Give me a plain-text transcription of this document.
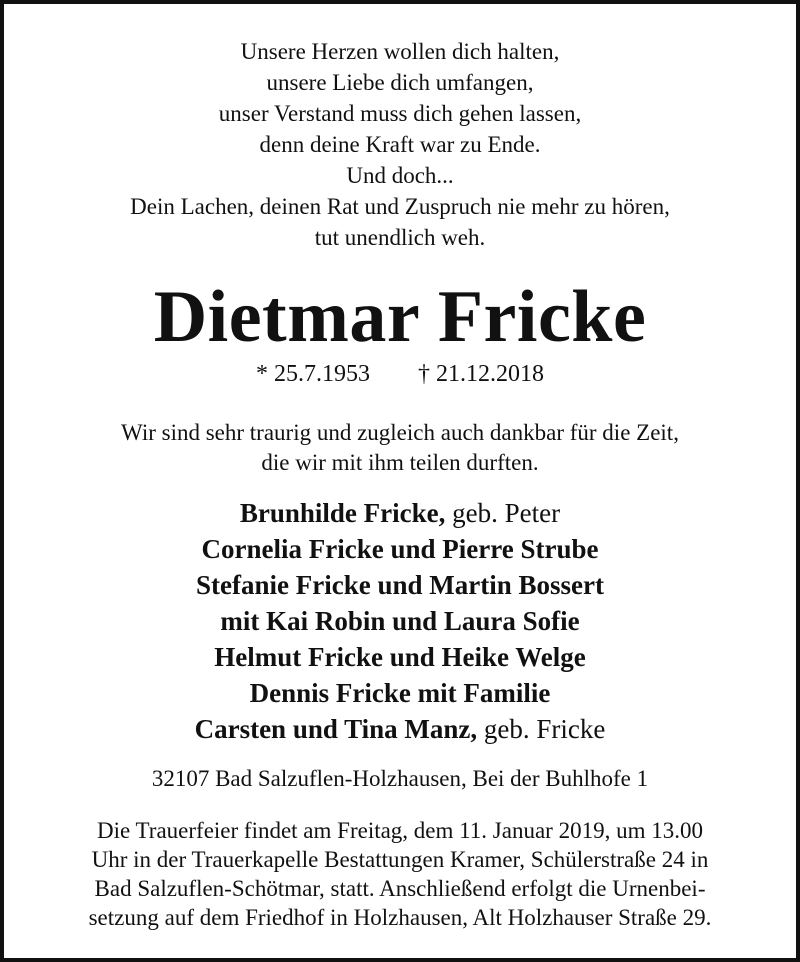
Unsere Herzen wollen dich halten,
unsere Liebe dich umfangen,
unser Verstand muss dich gehen lassen,
denn deine Kraft war zu Ende.
Und doch...
Dein Lachen, deinen Rat und Zuspruch nie mehr zu hören,
tut unendlich weh.
Dietmar Fricke
* 25.7.1953 † 21.12.2018
Wir sind sehr traurig und zugleich auch dankbar für die Zeit,
die wir mit ihm teilen durften.
Brunhilde Fricke, geb. Peter
Cornelia Fricke und Pierre Strube
Stefanie Fricke und Martin Bossert
mit Kai Robin und Laura Sofie
Helmut Fricke und Heike Welge
Dennis Fricke mit Familie
Carsten und Tina Manz, geb. Fricke
32107 Bad Salzuflen-Holzhausen, Bei der Buhlhofe 1
Die Trauerfeier findet am Freitag, dem 11. Januar 2019, um 13.00
Uhr in der Trauerkapelle Bestattungen Kramer, Schülerstraße 24 in
Bad Salzuflen-Schötmar, statt. Anschließend erfolgt die Urnenbei-
setzung auf dem Friedhof in Holzhausen, Alt Holzhauser Straße 29.
